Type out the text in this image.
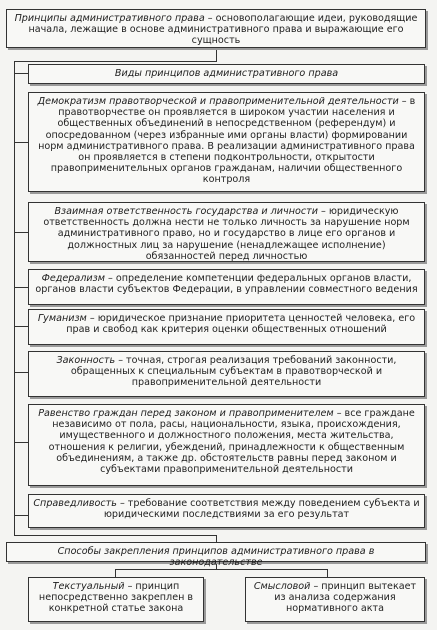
Принципы административного права – основополагающие идеи, руководящие начала, лежащие в основе административного права и выражающие его сущность
Виды принципов административного права
Демократизм правотворческой и правоприменительной деятельности – в правотворчестве он проявляется в широком участии населения и общественных объединений в непосредственном (референдум) и опосредованном (через избранные ими органы власти) формировании норм административного права. В реализации административного права он проявляется в степени подконтрольности, открытости правоприменительных органов гражданам, наличии общественного контроля
Взаимная ответственность государства и личности – юридическую ответственность должна нести не только личность за нарушение норм административного право, но и государство в лице его органов и должностных лиц за нарушение (ненадлежащее исполнение) обязанностей перед личностью
Федерализм – определение компетенции федеральных органов власти, органов власти субъектов Федерации, в управлении совместного ведения
Гуманизм – юридическое признание приоритета ценностей человека, его прав и свобод как критерия оценки общественных отношений
Законность – точная, строгая реализация требований законности, обращенных к специальным субъектам в правотворческой и правоприменительной деятельности
Равенство граждан перед законом и правоприменителем – все граждане независимо от пола, расы, национальности, языка, происхождения, имущественного и должностного положения, места жительства, отношения к религии, убеждений, принадлежности к общественным объединениям, а также др. обстоятельств равны перед законом и субъектами правоприменительной деятельности
Справедливость – требование соответствия между поведением субъекта и юридическими последствиями за его результат
Способы закрепления принципов административного права в законодательстве
Текстуальный – принцип непосредственно закреплен в конкретной статье закона
Смысловой – принцип вытекает из анализа содержания нормативного акта
